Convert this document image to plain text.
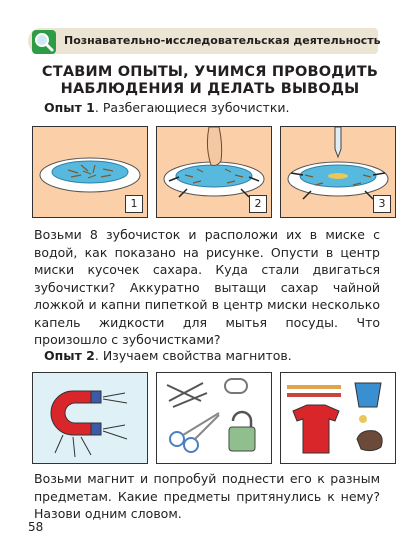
Познавательно-исследовательская деятельность
СТАВИМ ОПЫТЫ, УЧИМСЯ ПРОВОДИТЬ НАБЛЮДЕНИЯ И ДЕЛАТЬ ВЫВОДЫ
Опыт 1. Разбегающиеся зубочистки.
1	2	3
Возьми 8 зубочисток и расположи их в миске с водой, как показано на рисунке. Опусти в центр миски кусочек сахара. Куда стали двигаться зубочистки? Аккуратно вытащи сахар чайной ложкой и капни пипеткой в центр миски несколько капель жидкости для мытья посуды. Что произошло с зубочистками?
Опыт 2. Изучаем свойства магнитов.
Возьми магнит и попробуй поднести его к разным предметам. Какие предметы притянулись к нему? Назови одним словом.
58
